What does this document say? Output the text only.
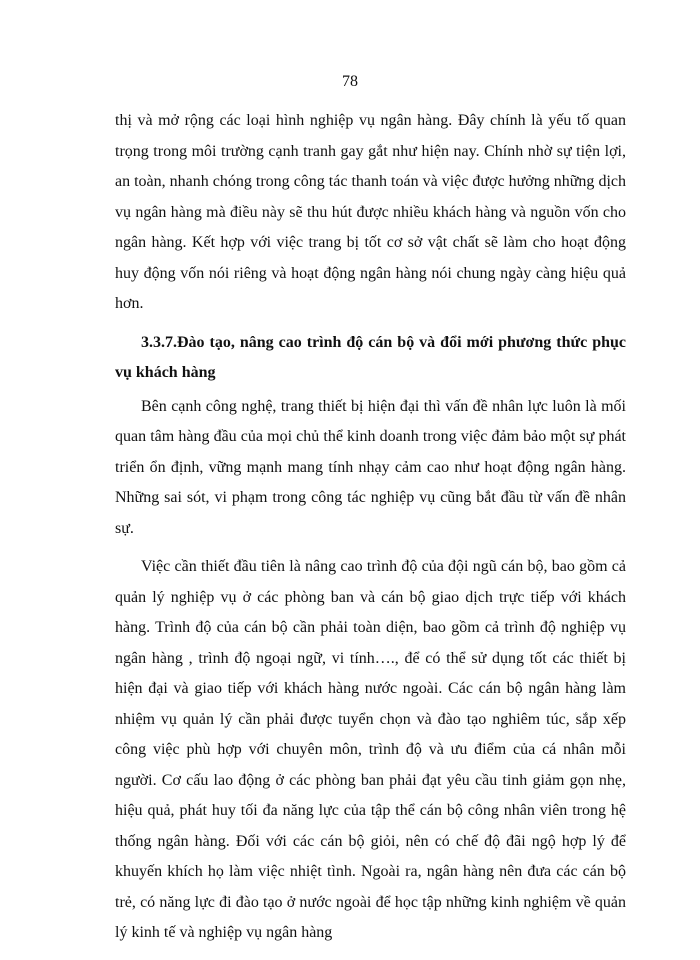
78

thị và mở rộng các loại hình nghiệp vụ ngân hàng. Đây chính là yếu tố quan trọng trong môi trường cạnh tranh gay gắt như hiện nay. Chính nhờ sự tiện lợi, an toàn, nhanh chóng trong công tác thanh toán và việc được hưởng những dịch vụ ngân hàng mà điều này sẽ thu hút được nhiều khách hàng và nguồn vốn cho ngân hàng. Kết hợp với việc trang bị tốt cơ sở vật chất sẽ làm cho hoạt động huy động vốn nói riêng và hoạt động ngân hàng nói chung ngày càng hiệu quả hơn.

3.3.7.Đào tạo, nâng cao trình độ cán bộ và đổi mới phương thức phục vụ khách hàng

Bên cạnh công nghệ, trang thiết bị hiện đại thì vấn đề nhân lực luôn là mối quan tâm hàng đầu của mọi chủ thể kinh doanh trong việc đảm bảo một sự phát triển ổn định, vững mạnh mang tính nhạy cảm cao như hoạt động ngân hàng. Những sai sót, vi phạm trong công tác nghiệp vụ cũng bắt đầu từ vấn đề nhân sự.

Việc cần thiết đầu tiên là nâng cao trình độ của đội ngũ cán bộ, bao gồm cả quản lý nghiệp vụ ở các phòng ban và cán bộ giao dịch trực tiếp với khách hàng. Trình độ của cán bộ cần phải toàn diện, bao gồm cả trình độ nghiệp vụ ngân hàng , trình độ ngoại ngữ, vi tính…., để có thể sử dụng tốt các thiết bị hiện đại và giao tiếp với khách hàng nước ngoài. Các cán bộ ngân hàng làm nhiệm vụ quản lý cần phải được tuyển chọn và đào tạo nghiêm túc, sắp xếp công việc phù hợp với chuyên môn, trình độ và ưu điểm của cá nhân mỗi người. Cơ cấu lao động ở các phòng ban phải đạt yêu cầu tinh giảm gọn nhẹ, hiệu quả, phát huy tối đa năng lực của tập thể cán bộ công nhân viên trong hệ thống ngân hàng. Đối với các cán bộ giỏi, nên có chế độ đãi ngộ hợp lý để khuyến khích họ làm việc nhiệt tình. Ngoài ra, ngân hàng nên đưa các cán bộ trẻ, có năng lực đi đào tạo ở nước ngoài để học tập những kinh nghiệm về quản lý kinh tế và nghiệp vụ ngân hàng
